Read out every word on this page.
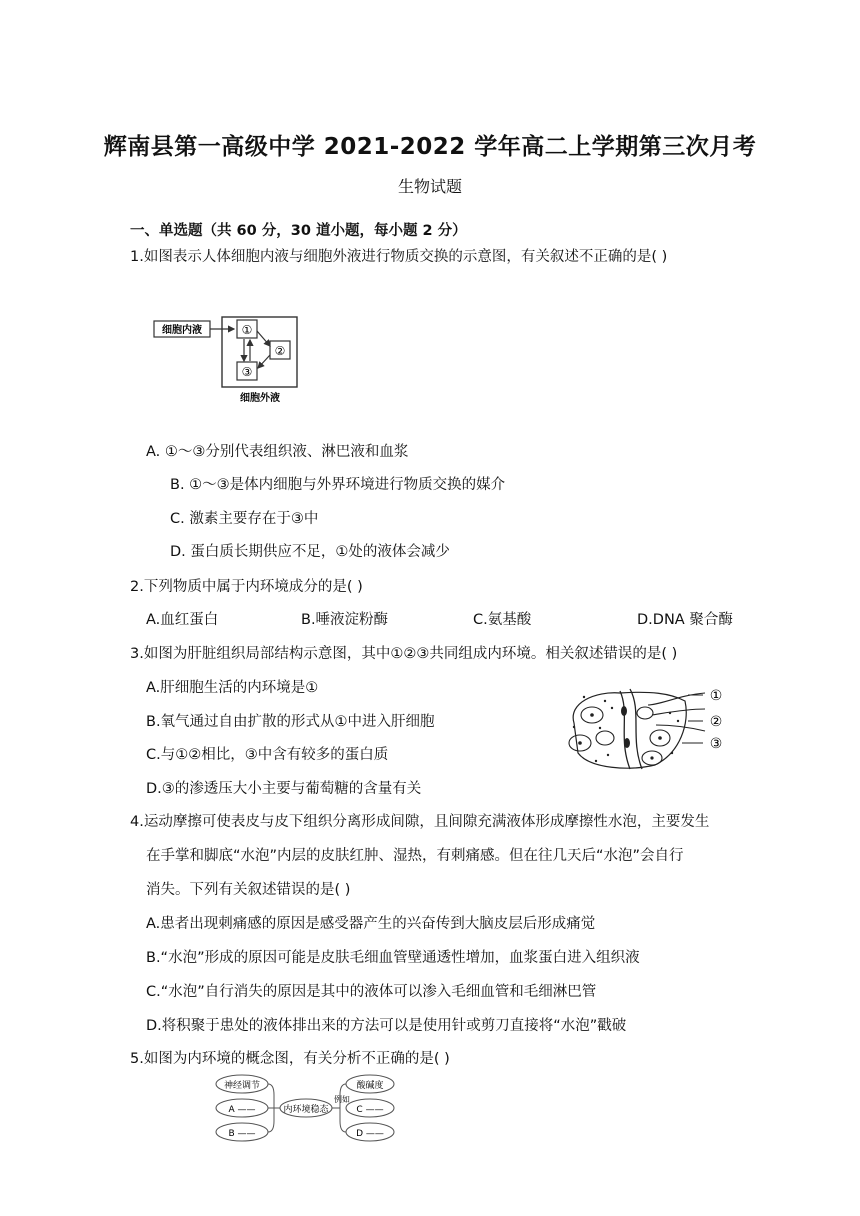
辉南县第一高级中学 2021-2022 学年高二上学期第三次月考
生物试题
一、单选题（共 60 分，30 道小题，每小题 2 分）
1.如图表示人体细胞内液与细胞外液进行物质交换的示意图，有关叙述不正确的是( )
细胞内液	①
②
③
细胞外液
A. ①～③分别代表组织液、淋巴液和血浆
B. ①～③是体内细胞与外界环境进行物质交换的媒介
C. 激素主要存在于③中
D. 蛋白质长期供应不足，①处的液体会减少
2.下列物质中属于内环境成分的是( )
A.血红蛋白	B.唾液淀粉酶	C.氨基酸	D.DNA 聚合酶
3.如图为肝脏组织局部结构示意图，其中①②③共同组成内环境。相关叙述错误的是( )
A.肝细胞生活的内环境是①
B.氧气通过自由扩散的形式从①中进入肝细胞
C.与①②相比，③中含有较多的蛋白质
D.③的渗透压大小主要与葡萄糖的含量有关
①
②
③
4.运动摩擦可使表皮与皮下组织分离形成间隙，且间隙充满液体形成摩擦性水泡，主要发生
在手掌和脚底“水泡”内层的皮肤红肿、湿热，有刺痛感。但在往几天后“水泡”会自行
消失。下列有关叙述错误的是( )
A.患者出现刺痛感的原因是感受器产生的兴奋传到大脑皮层后形成痛觉
B.“水泡”形成的原因可能是皮肤毛细血管壁通透性增加，血浆蛋白进入组织液
C.“水泡”自行消失的原因是其中的液体可以渗入毛细血管和毛细淋巴管
D.将积聚于患处的液体排出来的方法可以是使用针或剪刀直接将“水泡”戳破
5.如图为内环境的概念图，有关分析不正确的是( )
神经调节
A ——
B ——
内环境稳态
例如
酸碱度
C ——
D ——
